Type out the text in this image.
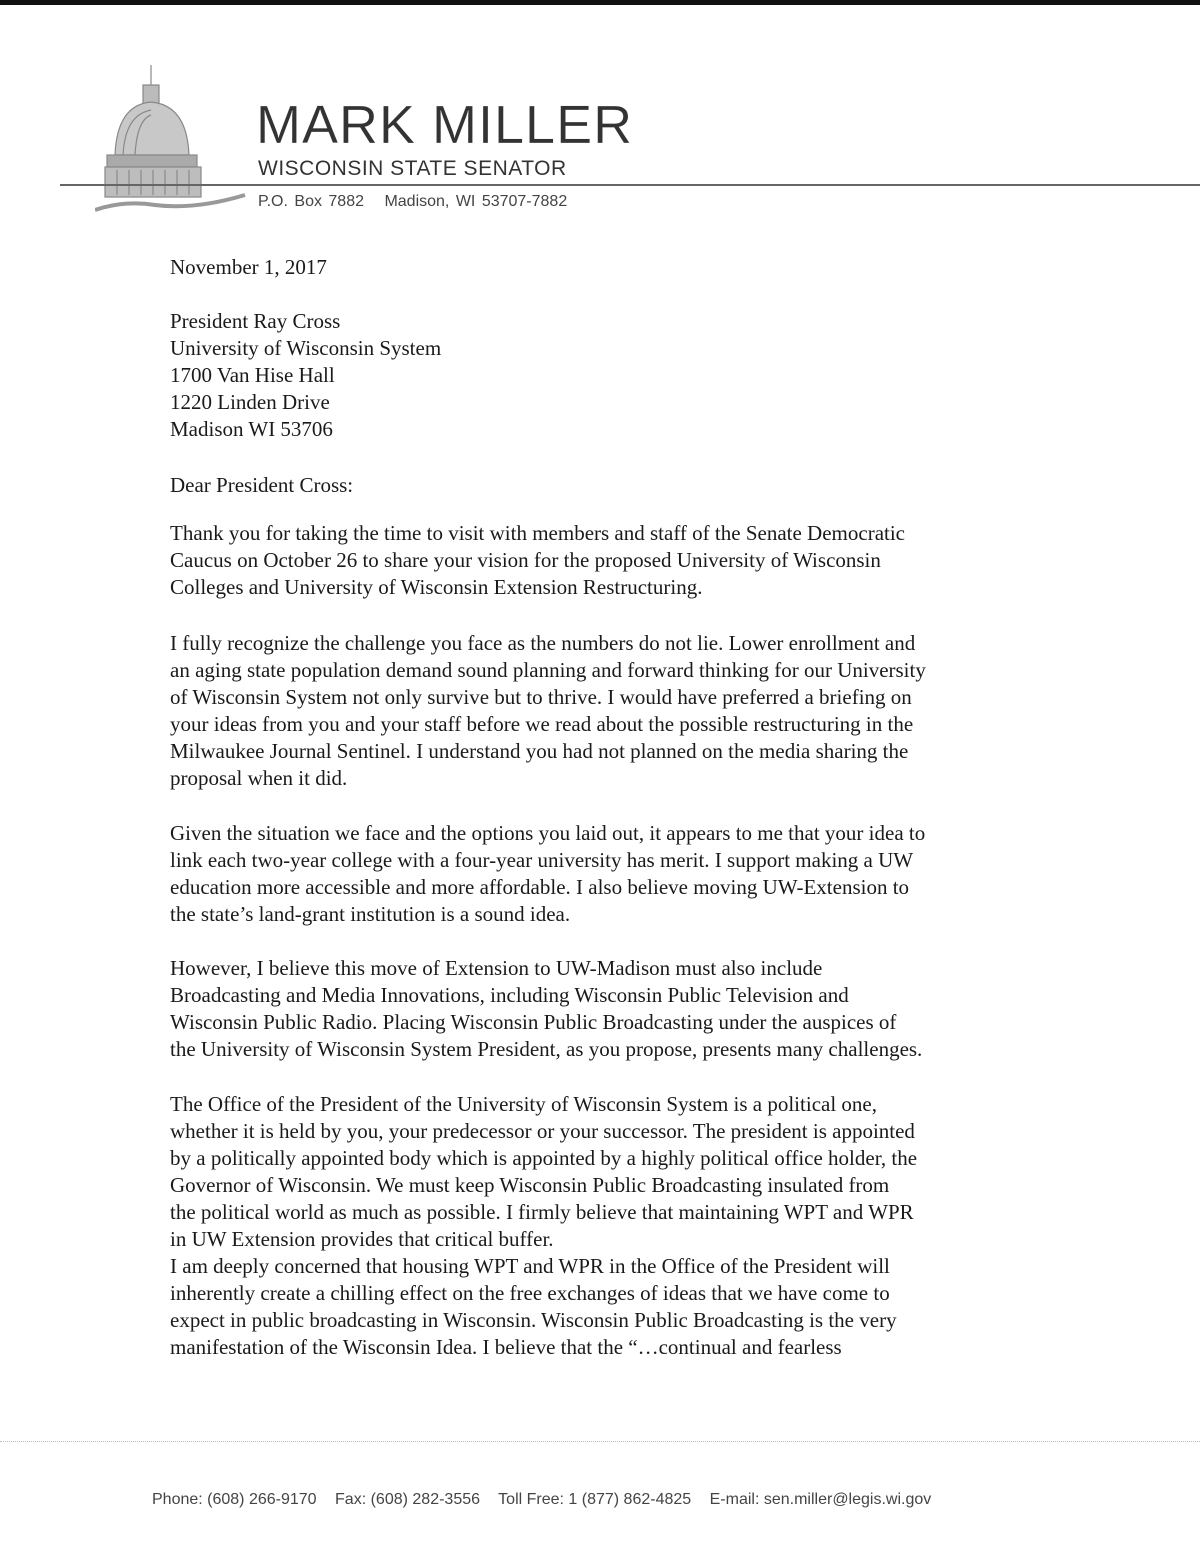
MARK MILLER
WISCONSIN STATE SENATOR
P.O. Box 7882 Madison, WI 53707-7882
November 1, 2017
President Ray Cross
University of Wisconsin System
1700 Van Hise Hall
1220 Linden Drive
Madison WI 53706
Dear President Cross:
Thank you for taking the time to visit with members and staff of the Senate Democratic
Caucus on October 26 to share your vision for the proposed University of Wisconsin
Colleges and University of Wisconsin Extension Restructuring.
I fully recognize the challenge you face as the numbers do not lie. Lower enrollment and
an aging state population demand sound planning and forward thinking for our University
of Wisconsin System not only survive but to thrive. I would have preferred a briefing on
your ideas from you and your staff before we read about the possible restructuring in the
Milwaukee Journal Sentinel. I understand you had not planned on the media sharing the
proposal when it did.
Given the situation we face and the options you laid out, it appears to me that your idea to
link each two-year college with a four-year university has merit. I support making a UW
education more accessible and more affordable. I also believe moving UW-Extension to
the state’s land-grant institution is a sound idea.
However, I believe this move of Extension to UW-Madison must also include
Broadcasting and Media Innovations, including Wisconsin Public Television and
Wisconsin Public Radio. Placing Wisconsin Public Broadcasting under the auspices of
the University of Wisconsin System President, as you propose, presents many challenges.
The Office of the President of the University of Wisconsin System is a political one,
whether it is held by you, your predecessor or your successor. The president is appointed
by a politically appointed body which is appointed by a highly political office holder, the
Governor of Wisconsin. We must keep Wisconsin Public Broadcasting insulated from
the political world as much as possible. I firmly believe that maintaining WPT and WPR
in UW Extension provides that critical buffer.
I am deeply concerned that housing WPT and WPR in the Office of the President will
inherently create a chilling effect on the free exchanges of ideas that we have come to
expect in public broadcasting in Wisconsin. Wisconsin Public Broadcasting is the very
manifestation of the Wisconsin Idea. I believe that the “…continual and fearless
Phone: (608) 266-9170 Fax: (608) 282-3556 Toll Free: 1 (877) 862-4825 E-mail: sen.miller@legis.wi.gov
